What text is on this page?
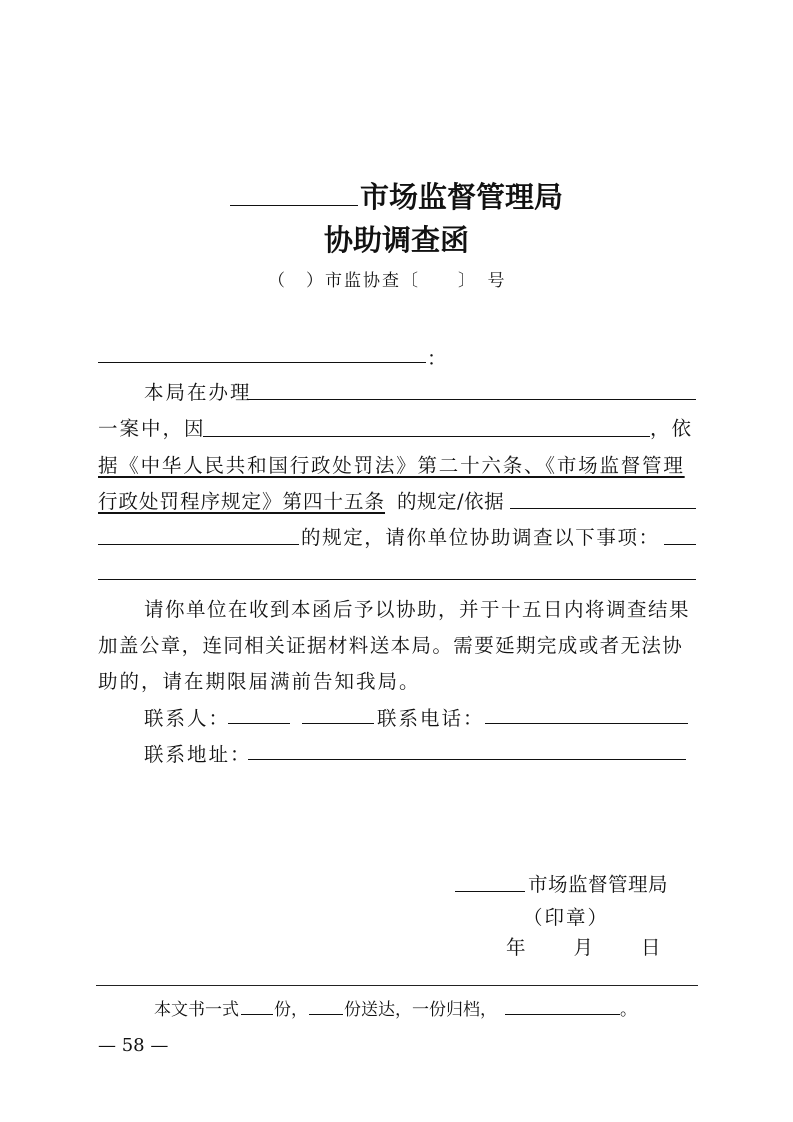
市场监督管理局
协助调查函
（　）市监协查〔　　〕　号
：
本局在办理
一案中，因	，依
据《中华人民共和国行政处罚法》第二十六条、《市场监督管理
行政处罚程序规定》第四十五条 的规定/依据
的规定，请你单位协助调查以下事项：
请你单位在收到本函后予以协助，并于十五日内将调查结果
加盖公章，连同相关证据材料送本局。需要延期完成或者无法协
助的，请在期限届满前告知我局。
联系人：	联系电话：
联系地址：
市场监督管理局
（印章）
年　　月　　日
本文书一式 份， 份送达，一份归档，	。
— 58 —
